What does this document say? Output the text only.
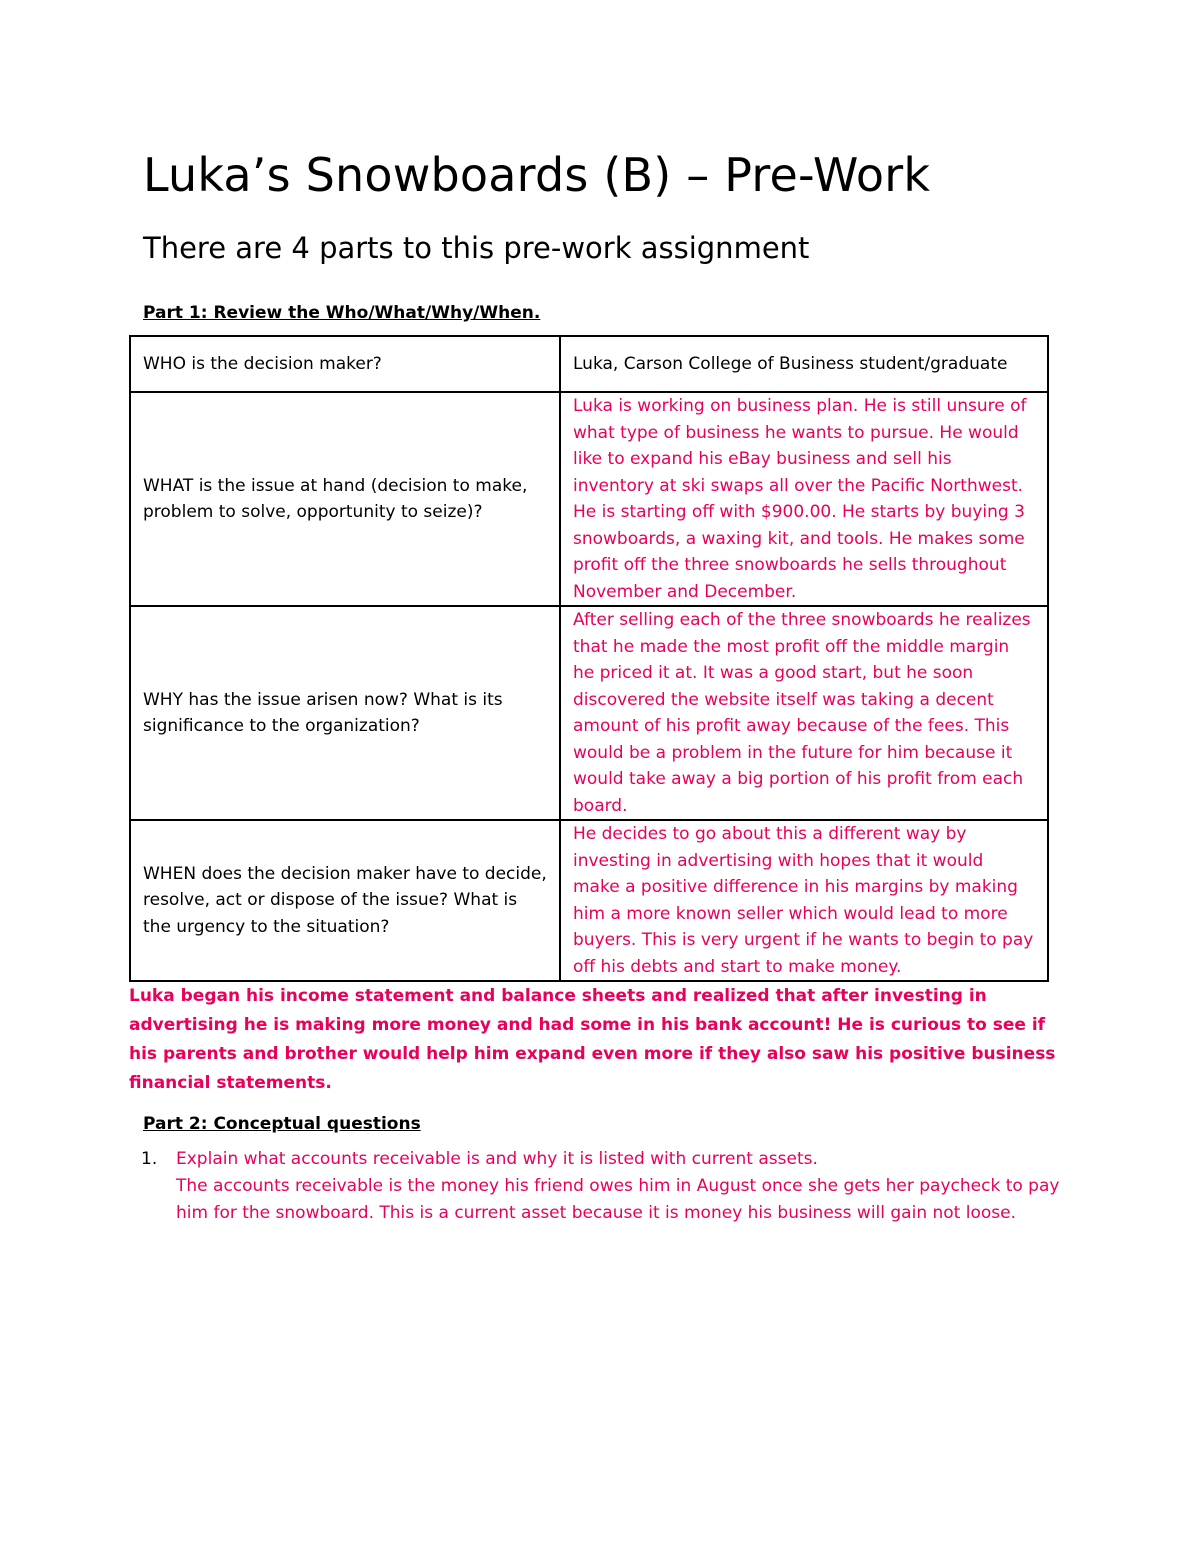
Luka’s Snowboards (B) – Pre-Work

There are 4 parts to this pre-work assignment

Part 1: Review the Who/What/Why/When.

WHO is the decision maker?	Luka, Carson College of Business student/graduate
WHAT is the issue at hand (decision to make, problem to solve, opportunity to seize)?	Luka is working on business plan. He is still unsure of what type of business he wants to pursue. He would like to expand his eBay business and sell his inventory at ski swaps all over the Pacific Northwest. He is starting off with $900.00. He starts by buying 3 snowboards, a waxing kit, and tools. He makes some profit off the three snowboards he sells throughout November and December.
WHY has the issue arisen now? What is its significance to the organization?	After selling each of the three snowboards he realizes that he made the most profit off the middle margin he priced it at. It was a good start, but he soon discovered the website itself was taking a decent amount of his profit away because of the fees. This would be a problem in the future for him because it would take away a big portion of his profit from each board.
WHEN does the decision maker have to decide, resolve, act or dispose of the issue? What is the urgency to the situation?	He decides to go about this a different way by investing in advertising with hopes that it would make a positive difference in his margins by making him a more known seller which would lead to more buyers. This is very urgent if he wants to begin to pay off his debts and start to make money.

Luka began his income statement and balance sheets and realized that after investing in advertising he is making more money and had some in his bank account! He is curious to see if his parents and brother would help him expand even more if they also saw his positive business financial statements.

Part 2: Conceptual questions

1. Explain what accounts receivable is and why it is listed with current assets.
The accounts receivable is the money his friend owes him in August once she gets her paycheck to pay him for the snowboard. This is a current asset because it is money his business will gain not loose.
